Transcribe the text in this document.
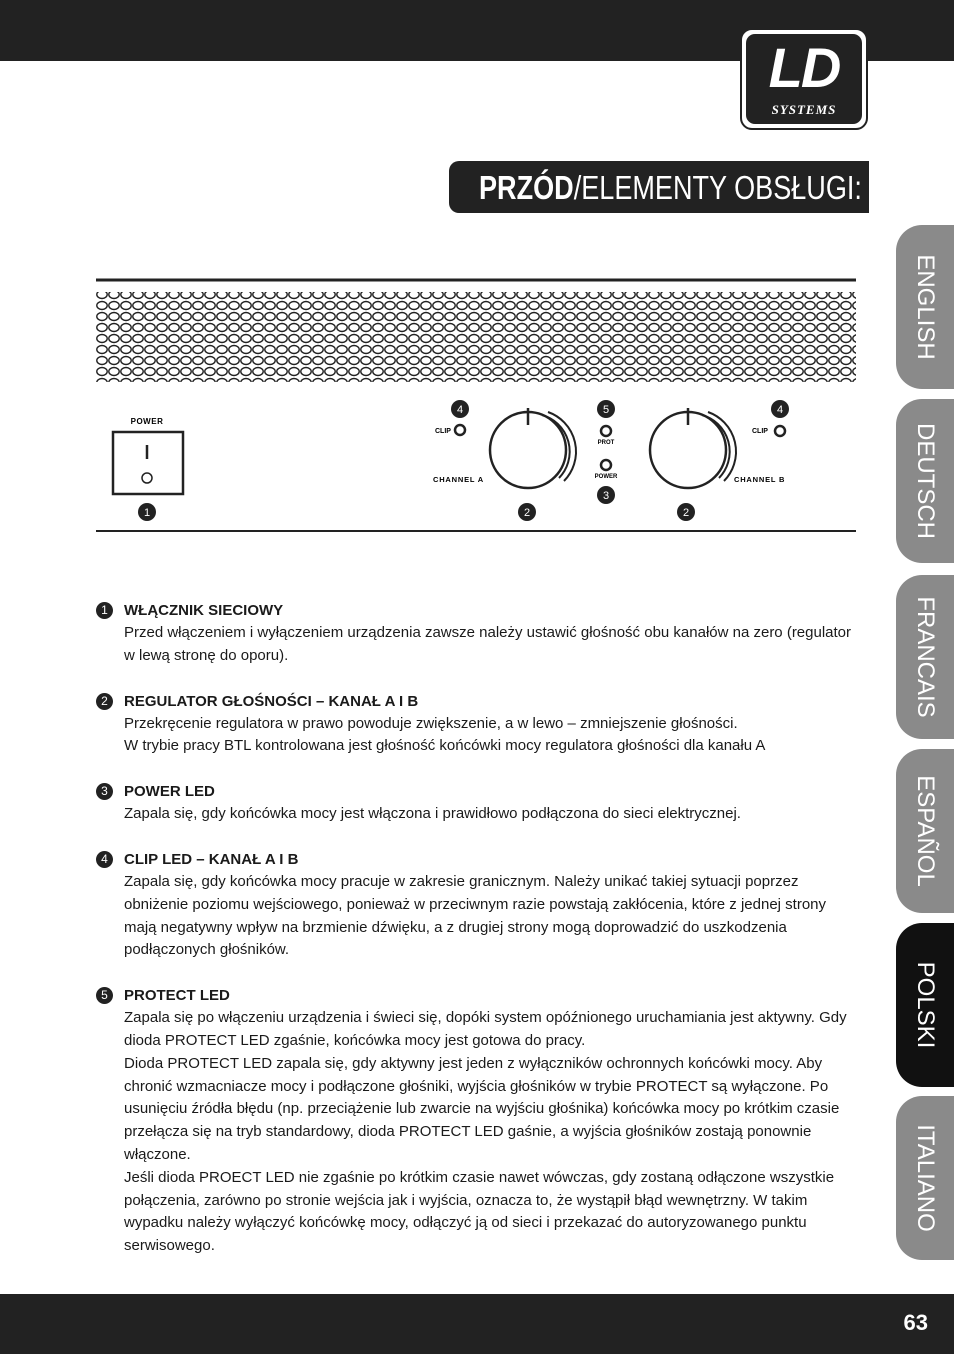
LD
SYSTEMS
PRZÓD/ELEMENTY OBSŁUGI:
ENGLISH
DEUTSCH
FRANCAIS
ESPAÑOL
POLSKI
ITALIANO
POWER
CLIP
CHANNEL A
PROT
POWER
CLIP
CHANNEL B
1	2	2
3
4	4
5
1	WŁĄCZNIK SIECIOWY

Przed włączeniem i wyłączeniem urządzenia zawsze należy ustawić głośność obu kanałów na zero (regulator w lewą stronę do oporu).

2	REGULATOR GŁOŚNOŚCI – KANAŁ A I B

Przekręcenie regulatora w prawo powoduje zwiększenie, a w lewo – zmniejszenie głośności.

W trybie pracy BTL kontrolowana jest głośność końcówki mocy regulatora głośności dla kanału A

3	POWER LED

Zapala się, gdy końcówka mocy jest włączona i prawidłowo podłączona do sieci elektrycznej.

4	CLIP LED – KANAŁ A I B

Zapala się, gdy końcówka mocy pracuje w zakresie granicznym. Należy unikać takiej sytuacji poprzez obniżenie poziomu wejściowego, ponieważ w przeciwnym razie powstają zakłócenia, które z jednej strony mają negatywny wpływ na brzmienie dźwięku, a z drugiej strony mogą doprowadzić do uszkodzenia podłączonych głośników.

5	PROTECT LED

Zapala się po włączeniu urządzenia i świeci się, dopóki system opóźnionego uruchamiania jest aktywny. Gdy dioda PROTECT LED zgaśnie, końcówka mocy jest gotowa do pracy.

Dioda PROTECT LED zapala się, gdy aktywny jest jeden z wyłączników ochronnych końcówki mocy. Aby chronić wzmacniacze mocy i podłączone głośniki, wyjścia głośników w trybie PROTECT są wyłączone. Po usunięciu źródła błędu (np. przeciążenie lub zwarcie na wyjściu głośnika) końcówka mocy po krótkim czasie przełącza się na tryb standardowy, dioda PROTECT LED gaśnie, a wyjścia głośników zostają ponownie włączone.

Jeśli dioda PROECT LED nie zgaśnie po krótkim czasie nawet wówczas, gdy zostaną odłączone wszystkie połączenia, zarówno po stronie wejścia jak i wyjścia, oznacza to, że wystąpił błąd wewnętrzny. W takim wypadku należy wyłączyć końcówkę mocy, odłączyć ją od sieci i przekazać do autoryzowanego punktu serwisowego.

63
